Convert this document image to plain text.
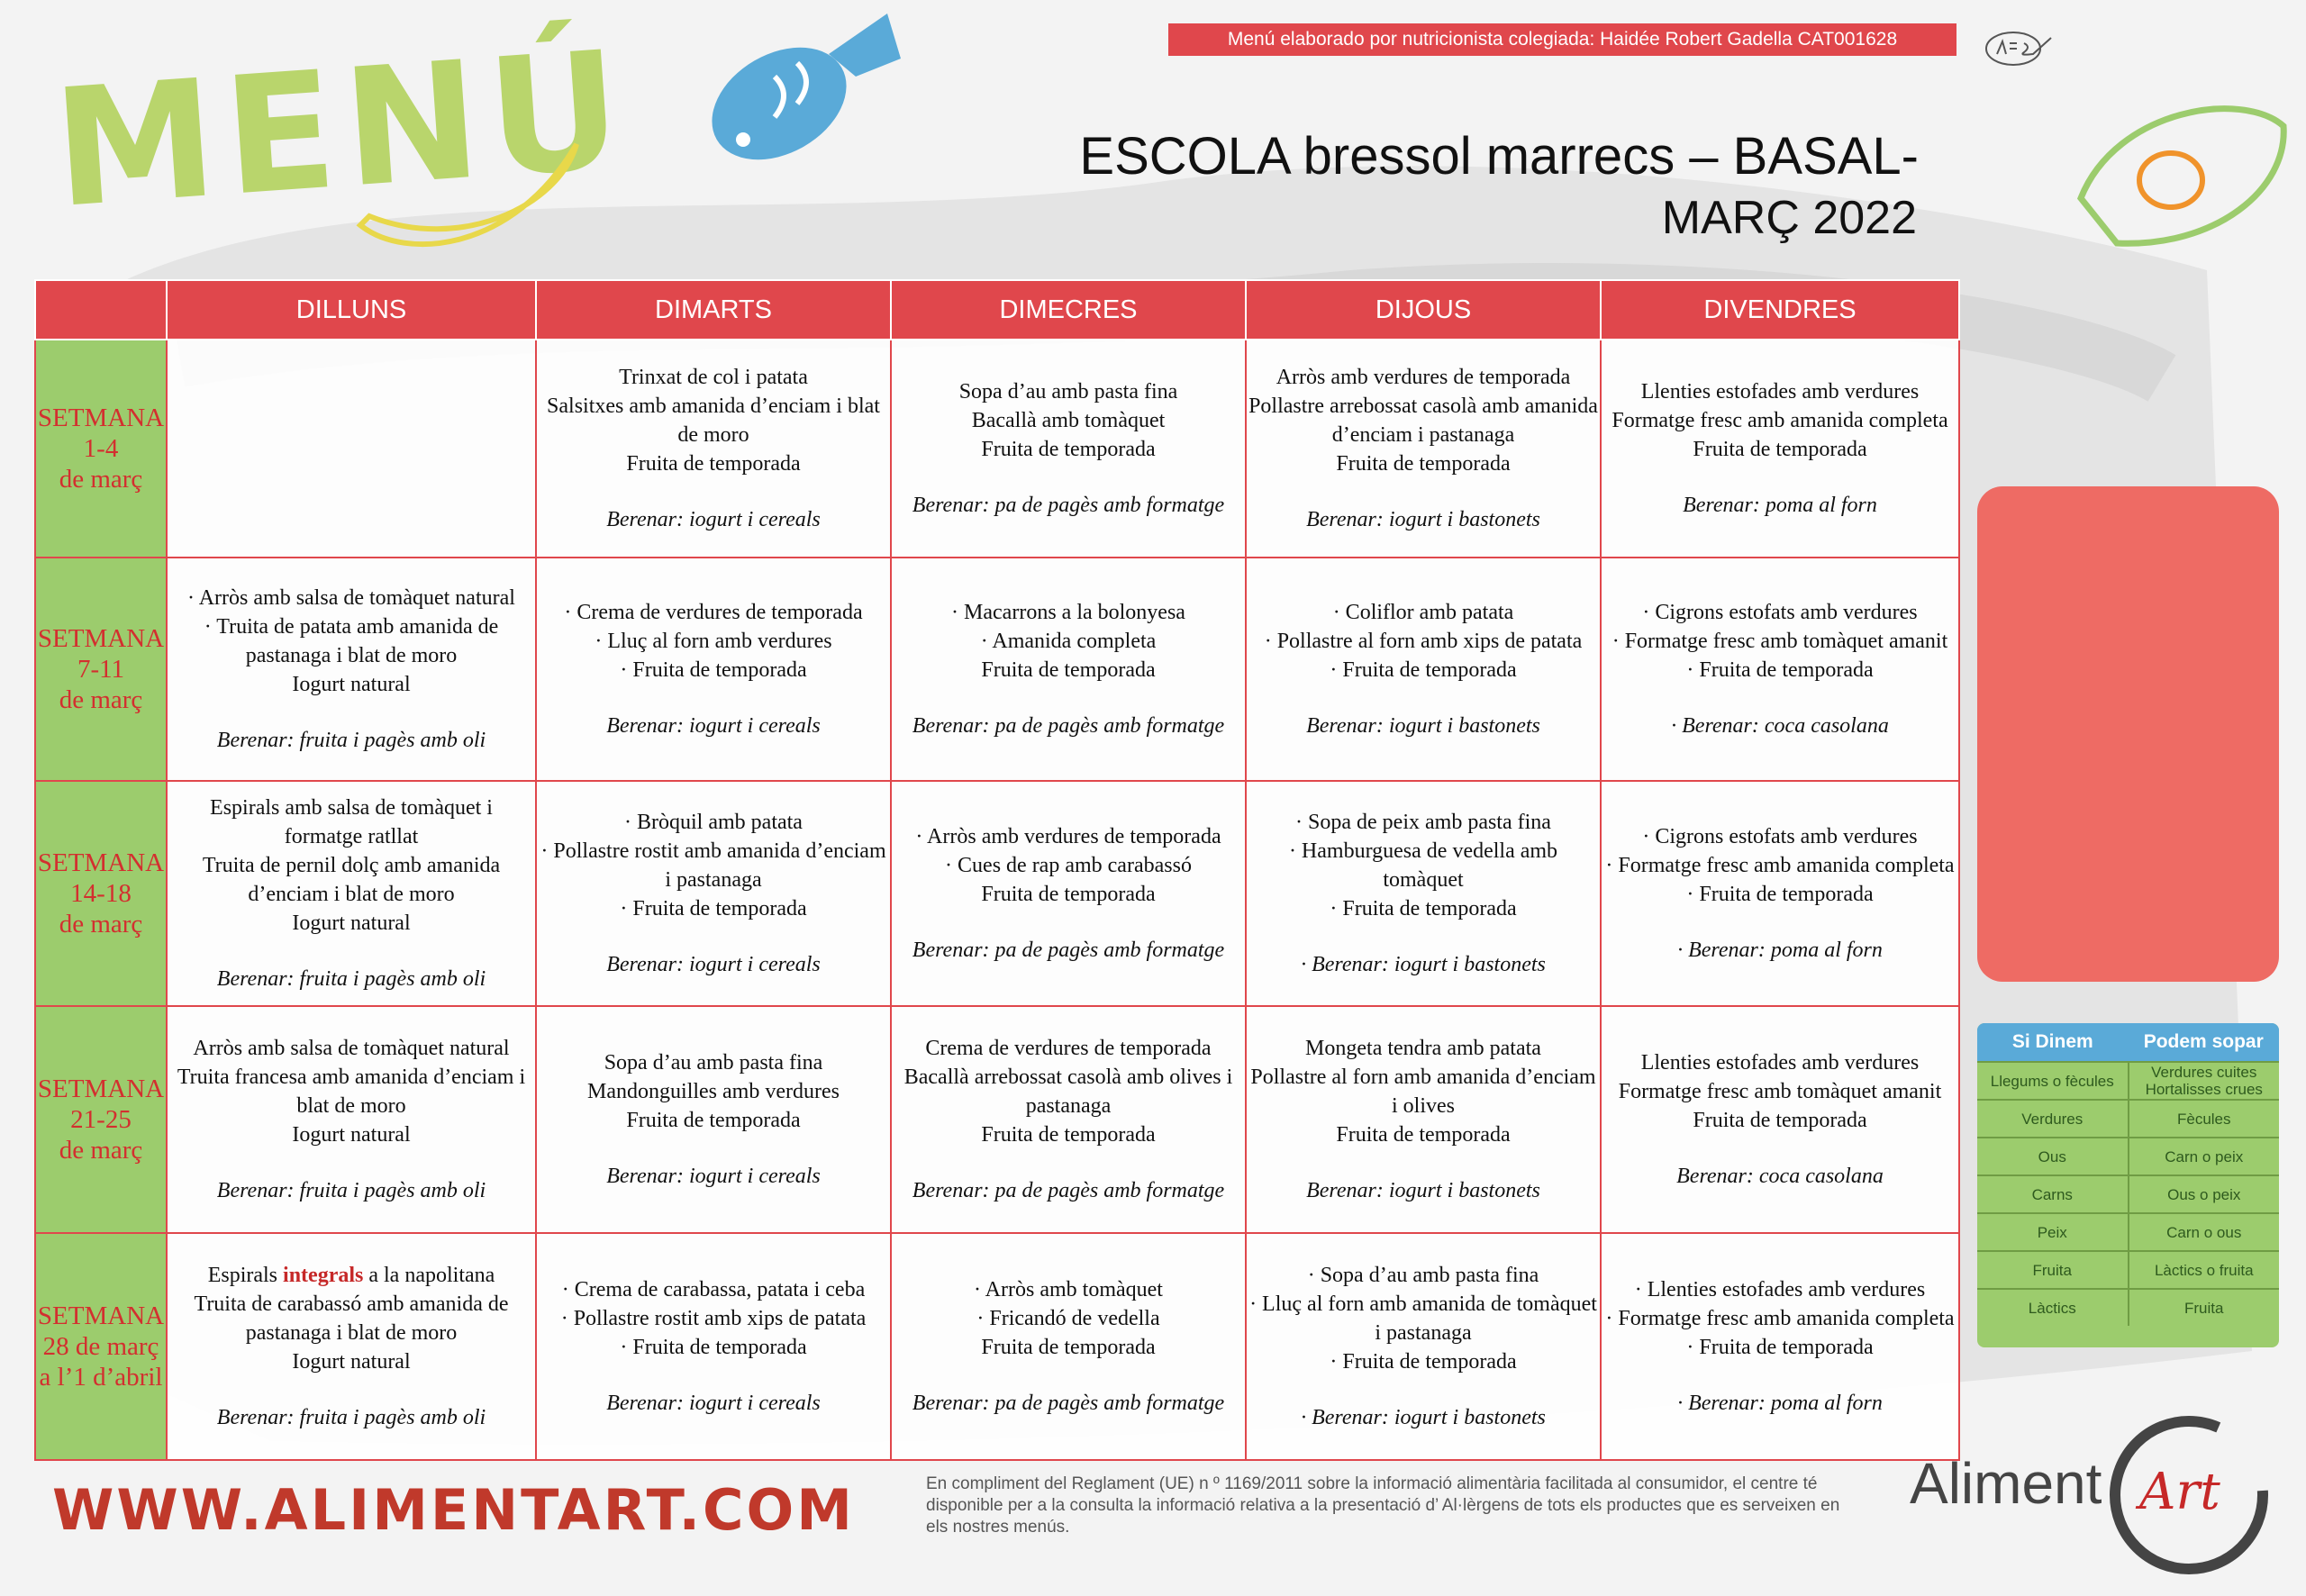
MENÚ	Menú elaborado por nutricionista colegiada: Haidée Robert Gadella CAT001628
ESCOLA bressol marrecs – BASAL-
MARÇ 2022
	DILLUNS	DIMARTS	DIMECRES	DIJOUS	DIVENDRES

SETMANA
1-4
de març		Trinxat de col i patata
Salsitxes amb amanida d’enciam i blat de moro
Fruita de temporada
Berenar: iogurt i cereals	Sopa d’au amb pasta fina
Bacallà amb tomàquet
Fruita de temporada
Berenar: pa de pagès amb formatge	Arròs amb verdures de temporada
Pollastre arrebossat casolà amb amanida d’enciam i pastanaga
Fruita de temporada
Berenar: iogurt i bastonets	Llenties estofades amb verdures
Formatge fresc amb amanida completa
Fruita de temporada
Berenar: poma al forn

SETMANA
7-11
de març	· Arròs amb salsa de tomàquet natural
· Truita de patata amb amanida de pastanaga i blat de moro
Iogurt natural
Berenar: fruita i pagès amb oli	· Crema de verdures de temporada
· Lluç al forn amb verdures
· Fruita de temporada
Berenar: iogurt i cereals	· Macarrons a la bolonyesa
· Amanida completa
Fruita de temporada
Berenar: pa de pagès amb formatge	· Coliflor amb patata
· Pollastre al forn amb xips de patata
· Fruita de temporada
Berenar: iogurt i bastonets	· Cigrons estofats amb verdures
· Formatge fresc amb tomàquet amanit
· Fruita de temporada
· Berenar: coca casolana

SETMANA
14-18
de març	Espirals amb salsa de tomàquet i formatge ratllat
Truita de pernil dolç amb amanida d’enciam i blat de moro
Iogurt natural
Berenar: fruita i pagès amb oli	· Bròquil amb patata
· Pollastre rostit amb amanida d’enciam i pastanaga
· Fruita de temporada
Berenar: iogurt i cereals	· Arròs amb verdures de temporada
· Cues de rap amb carabassó
Fruita de temporada
Berenar: pa de pagès amb formatge	· Sopa de peix amb pasta fina
· Hamburguesa de vedella amb tomàquet
· Fruita de temporada
· Berenar: iogurt i bastonets	· Cigrons estofats amb verdures
· Formatge fresc amb amanida completa
· Fruita de temporada
· Berenar: poma al forn

SETMANA
21-25
de març	Arròs amb salsa de tomàquet natural
Truita francesa amb amanida d’enciam i blat de moro
Iogurt natural
Berenar: fruita i pagès amb oli	Sopa d’au amb pasta fina
Mandonguilles amb verdures
Fruita de temporada
Berenar: iogurt i cereals	Crema de verdures de temporada
Bacallà arrebossat casolà amb olives i pastanaga
Fruita de temporada
Berenar: pa de pagès amb formatge	Mongeta tendra amb patata
Pollastre al forn amb amanida d’enciam i olives
Fruita de temporada
Berenar: iogurt i bastonets	Llenties estofades amb verdures
Formatge fresc amb tomàquet amanit
Fruita de temporada
Berenar: coca casolana

SETMANA
28 de març
a l’1 d’abril	Espirals integrals a la napolitana
Truita de carabassó amb amanida de pastanaga i blat de moro
Iogurt natural
Berenar: fruita i pagès amb oli	· Crema de carabassa, patata i ceba
· Pollastre rostit amb xips de patata
· Fruita de temporada
Berenar: iogurt i cereals	· Arròs amb tomàquet
· Fricandó de vedella
Fruita de temporada
Berenar: pa de pagès amb formatge	· Sopa d’au amb pasta fina
· Lluç al forn amb amanida de tomàquet i pastanaga
· Fruita de temporada
· Berenar: iogurt i bastonets	· Llenties estofades amb verdures
· Formatge fresc amb amanida completa
· Fruita de temporada
· Berenar: poma al forn
Si Dinem	Podem sopar
Llegums o fècules	Verdures cuites Hortalisses crues
Verdures	Fècules
Ous	Carn o peix
Carns	Ous o peix
Peix	Carn o ous
Fruita	Làctics o fruita
Làctics	Fruita
WWW.ALIMENTART.COM	En compliment del Reglament (UE) n º 1169/2011 sobre la informació alimentària facilitada al consumidor, el centre té disponible per a la consulta la informació relativa a la presentació d’ Al·lèrgens de tots els productes que es serveixen en els nostres menús.
Aliment Art
